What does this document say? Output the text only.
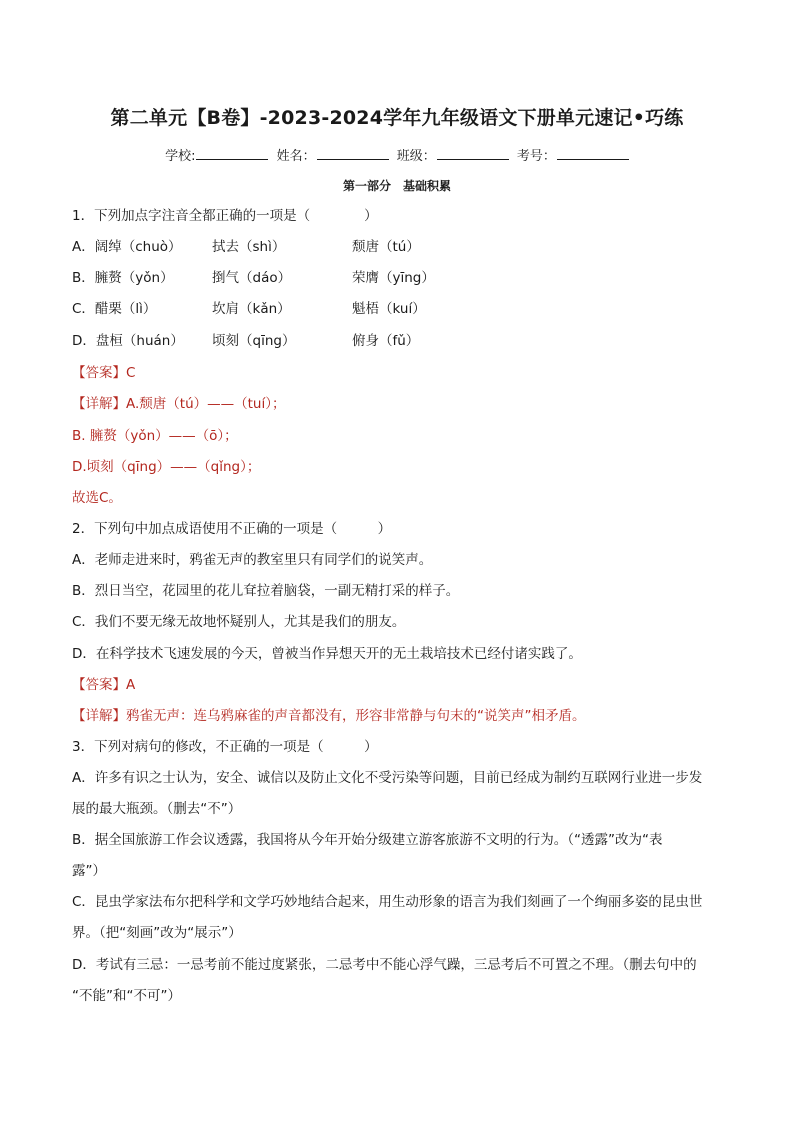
第二单元【B卷】-2023-2024学年九年级语文下册单元速记•巧练
学校:	姓名：	班级：	考号：
第一部分　基础积累
1．下列加点字注音全都正确的一项是（　　　　）
A．阔绰（chuò） 拭去（shì）	颓唐（tú）
B．臃赘（yǒn）	捯气（dáo）	荣膺（yīng）
C．醋栗（lì）	坎肩（kǎn）	魁梧（kuí）
D．盘桓（huán） 顷刻（qīng）	俯身（fǔ）
【答案】C
【详解】A.颓唐（tú）——（tuí）；
B. 臃赘（yǒn）——（ō）；
D.顷刻（qīng）——（qǐng）；
故选C。
2．下列句中加点成语使用不正确的一项是（　　　）
A．老师走进来时，鸦雀无声的教室里只有同学们的说笑声。
B．烈日当空，花园里的花儿耷拉着脑袋，一副无精打采的样子。
C．我们不要无缘无故地怀疑别人，尤其是我们的朋友。
D．在科学技术飞速发展的今天，曾被当作异想天开的无土栽培技术已经付诸实践了。
【答案】A
【详解】鸦雀无声：连乌鸦麻雀的声音都没有，形容非常静与句末的“说笑声”相矛盾。
3．下列对病句的修改，不正确的一项是（　　　）
A．许多有识之士认为，安全、诚信以及防止文化不受污染等问题，目前已经成为制约互联网行业进一步发
展的最大瓶颈。（删去“不”）
B．据全国旅游工作会议透露，我国将从今年开始分级建立游客旅游不文明的行为。（“透露”改为“表
露”）
C．昆虫学家法布尔把科学和文学巧妙地结合起来，用生动形象的语言为我们刻画了一个绚丽多姿的昆虫世
界。（把“刻画”改为“展示”）
D．考试有三忌：一忌考前不能过度紧张，二忌考中不能心浮气躁，三忌考后不可置之不理。（删去句中的
“不能”和“不可”）
